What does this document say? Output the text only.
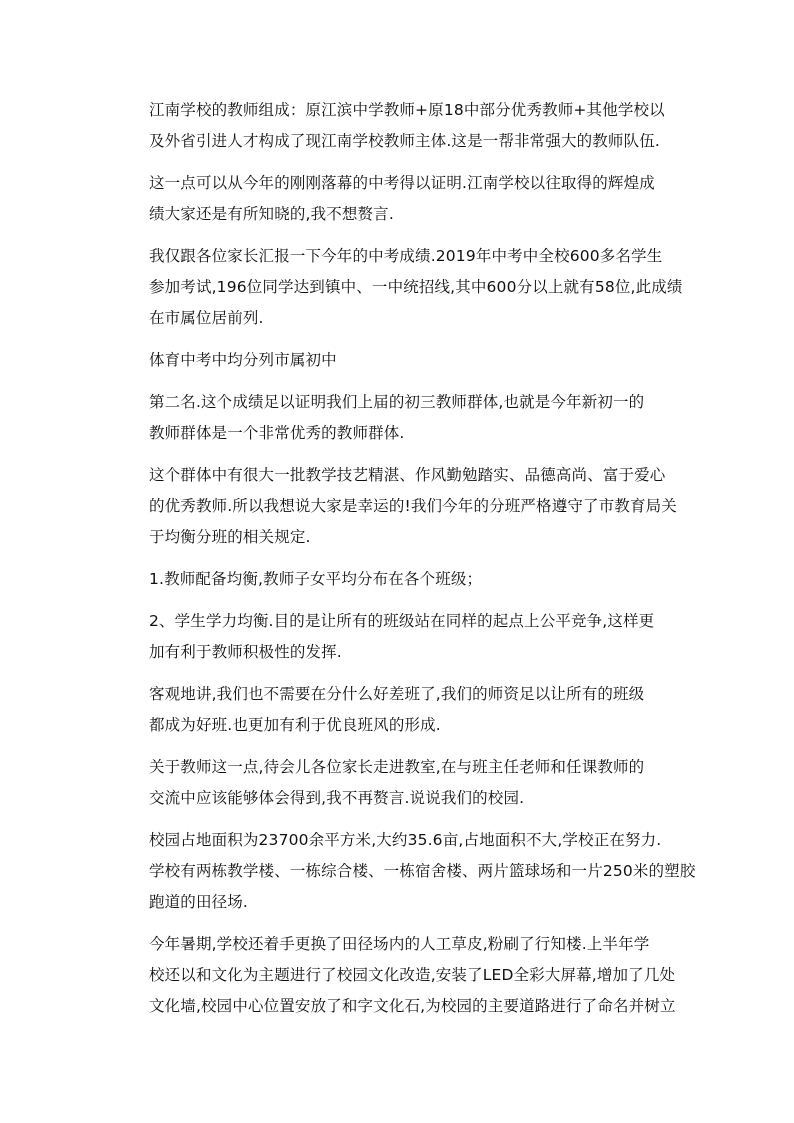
江南学校的教师组成：原江滨中学教师+原18中部分优秀教师+其他学校以
及外省引进人才构成了现江南学校教师主体.这是一帮非常强大的教师队伍.

这一点可以从今年的刚刚落幕的中考得以证明.江南学校以往取得的辉煌成
绩大家还是有所知晓的,我不想赘言.

我仅跟各位家长汇报一下今年的中考成绩.2019年中考中全校600多名学生
参加考试,196位同学达到镇中、一中统招线,其中600分以上就有58位,此成绩
在市属位居前列.

体育中考中均分列市属初中

第二名.这个成绩足以证明我们上届的初三教师群体,也就是今年新初一的
教师群体是一个非常优秀的教师群体.

这个群体中有很大一批教学技艺精湛、作风勤勉踏实、品德高尚、富于爱心
的优秀教师.所以我想说大家是幸运的!我们今年的分班严格遵守了市教育局关
于均衡分班的相关规定.

1.教师配备均衡,教师子女平均分布在各个班级；

2、学生学力均衡.目的是让所有的班级站在同样的起点上公平竞争,这样更
加有利于教师积极性的发挥.

客观地讲,我们也不需要在分什么好差班了,我们的师资足以让所有的班级
都成为好班.也更加有利于优良班风的形成.

关于教师这一点,待会儿各位家长走进教室,在与班主任老师和任课教师的
交流中应该能够体会得到,我不再赘言.说说我们的校园.

校园占地面积为23700余平方米,大约35.6亩,占地面积不大,学校正在努力.
学校有两栋教学楼、一栋综合楼、一栋宿舍楼、两片篮球场和一片250米的塑胶
跑道的田径场.

今年暑期,学校还着手更换了田径场内的人工草皮,粉刷了行知楼.上半年学
校还以和文化为主题进行了校园文化改造,安装了LED全彩大屏幕,增加了几处
文化墙,校园中心位置安放了和字文化石,为校园的主要道路进行了命名并树立
